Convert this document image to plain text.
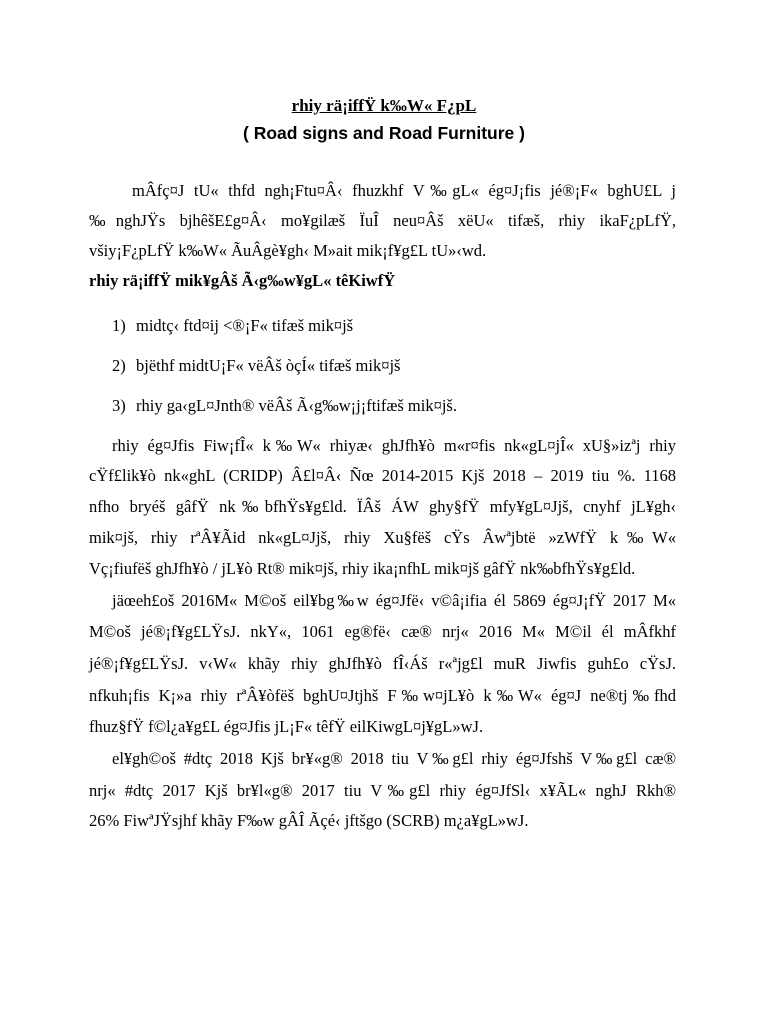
rhiy rä¡iffŸ k‰W« F¿pL
( Road signs and Road Furniture )
mÂfç¤J tU« thfd ngh¡Ftu¤Â‹ fhuzkhf V‰gL« ég¤J¡fis jé®¡F« bghU£L j
‰nghJŸs bjhêšE£g¤Â‹ mo¥gilæš ÏuÎ neu¤Âš xëU« tifæš, rhiy ikaF¿pLfŸ,
všiy¡F¿pLfŸ k‰W« ÃuÂgè¥gh‹ M»ait mik¡f¥g£L tU»‹wd.
rhiy rä¡iffŸ mik¥gÂš Ã‹g‰w¥gL« têKiwfŸ
1) midtç‹ ftd¤ij <®¡F« tifæš mik¤jš
2) bjëthf midtU¡F« vëÂš òçÍ« tifæš mik¤jš
3) rhiy ga‹gL¤Jnth® vëÂš Ã‹g‰w¡j¡ftifæš mik¤jš.
rhiy ég¤Jfis Fiw¡fÎ« k‰W« rhiyæ‹ ghJfh¥ò m«r¤fis nk«gL¤jÎ« xU§»izªj rhiy
cŸf£lik¥ò nk«ghL (CRIDP) Â£l¤Â‹ Ñœ 2014-2015 Kjš 2018 – 2019 tiu %. 1168
nfho bryéš gâfŸ nk‰bfhŸs¥g£ld. ÏÂš ÁW ghy§fŸ mfy¥gL¤Jjš, cnyhf jL¥gh‹
mik¤jš, rhiy rªÂ¥Ãid nk«gL¤Jjš, rhiy Xu§fëš cŸs Âwªjbtë »zWfŸ k‰W«
Vç¡fiufëš ghJfh¥ò / jL¥ò Rt® mik¤jš, rhiy ika¡nfhL mik¤jš gâfŸ nk‰bfhŸs¥g£ld.
jäœeh£oš 2016M« M©oš eil¥bg‰w ég¤Jfë‹ v©â¡ifia él 5869 ég¤J¡fŸ 2017 M«
M©oš jé®¡f¥g£LŸsJ. nkY«, 1061 eg®fë‹ cæ® nrj« 2016 M« M©il él mÂfkhf
jé®¡f¥g£LŸsJ. v‹W« khãy rhiy ghJfh¥ò fÎ‹Áš r«ªjg£l muR Jiwfis guh£o cŸsJ.
nfkuh¡fis K¡»a rhiy rªÂ¥òfëš bghU¤Jtjhš F‰w¤jL¥ò k‰W« ég¤J ne®tj‰fhd
fhuz§fŸ f©l¿a¥g£L ég¤Jfis jL¡F« têfŸ eilKiwgL¤j¥gL»wJ.
el¥gh©oš #dtç 2018 Kjš br¥«g® 2018 tiu V‰g£l rhiy ég¤Jfshš V‰g£l cæ®
nrj« #dtç 2017 Kjš br¥l«g® 2017 tiu V‰g£l rhiy ég¤JfSl‹ x¥ÃL« nghJ Rkh®
26% FiwªJŸsjhf khãy F‰w gÂÎ Ãçé‹ jftšgo (SCRB) m¿a¥gL»wJ.
